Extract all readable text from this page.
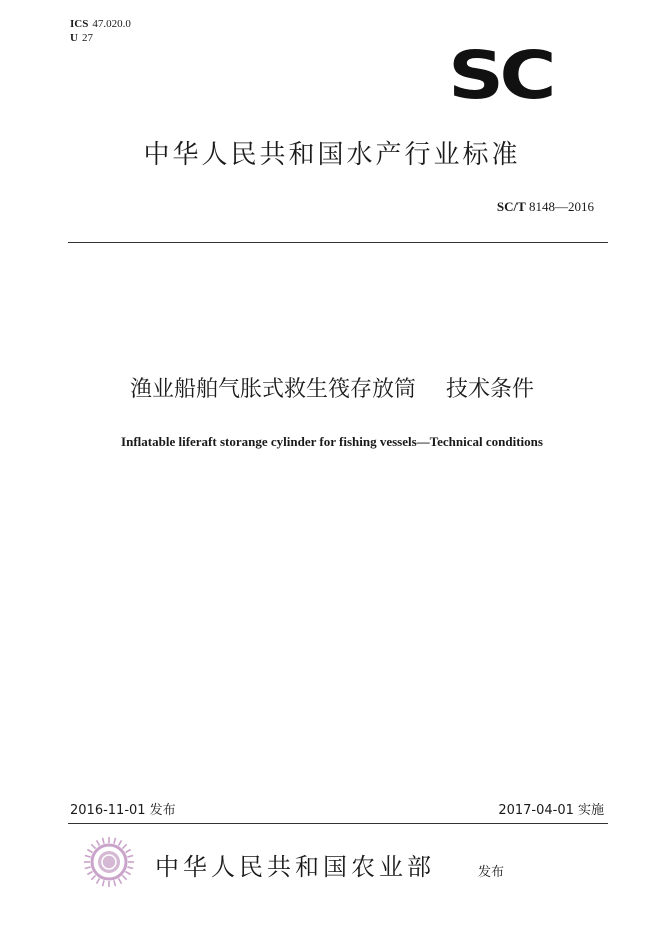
ICS 47.020.0
U 27	SC
中华人民共和国水产行业标准
SC/T 8148—2016
渔业船舶气胀式救生筏存放筒 技术条件
Inflatable liferaft storange cylinder for fishing vessels—Technical conditions
2016-11-01 发布	2017-04-01 实施
中华人民共和国农业部	发布
